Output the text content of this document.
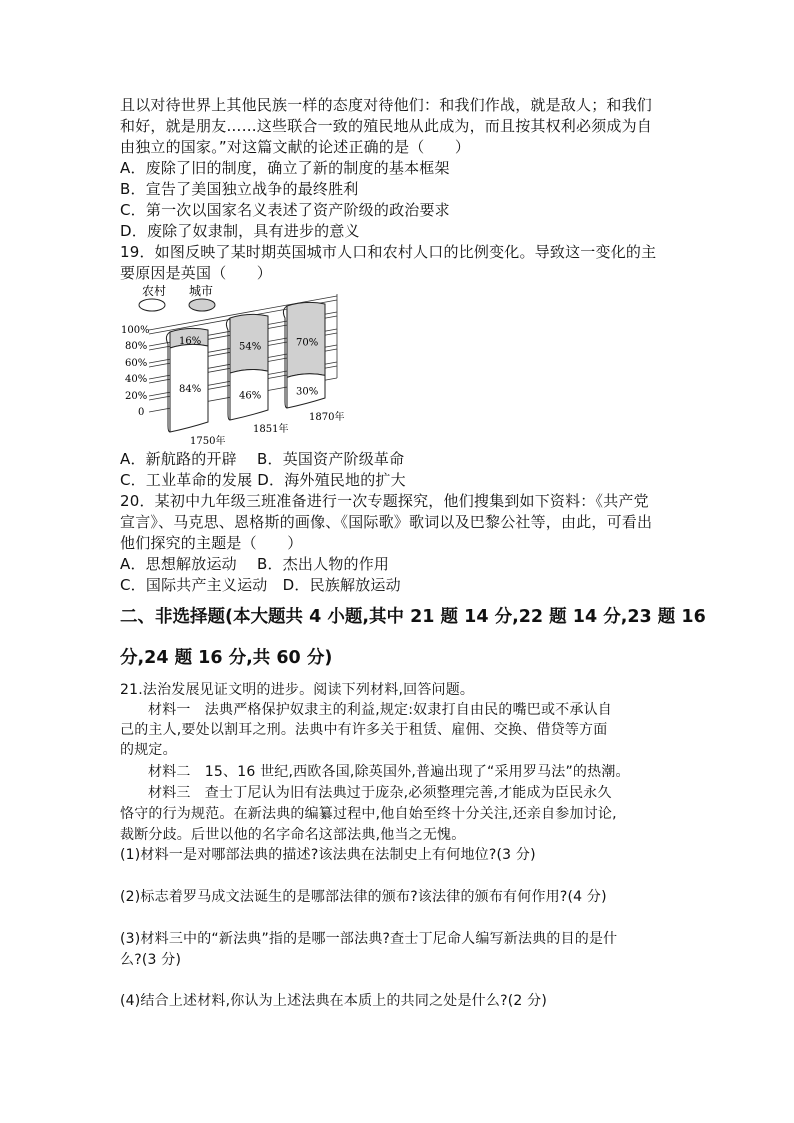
且以对待世界上其他民族一样的态度对待他们：和我们作战，就是敌人；和我们
和好，就是朋友……这些联合一致的殖民地从此成为，而且按其权利必须成为自
由独立的国家。”对这篇文献的论述正确的是（　　）
A．废除了旧的制度，确立了新的制度的基本框架
B．宣告了美国独立战争的最终胜利
C．第一次以国家名义表述了资产阶级的政治要求
D．废除了奴隶制，具有进步的意义
19．如图反映了某时期英国城市人口和农村人口的比例变化。导致这一变化的主
要原因是英国（　　）
农村 城市
100%
80%
60%
40%
20%
0
16%
84%
54%
46%
70%
30%
1750年
1851年
1870年
A．新航路的开辟　 B．英国资产阶级革命
C．工业革命的发展 D．海外殖民地的扩大
20．某初中九年级三班准备进行一次专题探究，他们搜集到如下资料：《共产党
宣言》、马克思、恩格斯的画像、《国际歌》歌词以及巴黎公社等，由此，可看出
他们探究的主题是（　　）
A．思想解放运动　 B．杰出人物的作用
C．国际共产主义运动　D．民族解放运动
二、非选择题(本大题共 4 小题,其中 21 题 14 分,22 题 14 分,23 题 16
分,24 题 16 分,共 60 分)
21.法治发展见证文明的进步。阅读下列材料,回答问题。
材料一　法典严格保护奴隶主的利益,规定:奴隶打自由民的嘴巴或不承认自
己的主人,要处以割耳之刑。法典中有许多关于租赁、雇佣、交换、借贷等方面
的规定。
材料二　15、16 世纪,西欧各国,除英国外,普遍出现了“采用罗马法”的热潮。
材料三　查士丁尼认为旧有法典过于庞杂,必须整理完善,才能成为臣民永久
恪守的行为规范。在新法典的编纂过程中,他自始至终十分关注,还亲自参加讨论,
裁断分歧。后世以他的名字命名这部法典,他当之无愧。
(1)材料一是对哪部法典的描述?该法典在法制史上有何地位?(3 分)
(2)标志着罗马成文法诞生的是哪部法律的颁布?该法律的颁布有何作用?(4 分)
(3)材料三中的“新法典”指的是哪一部法典?查士丁尼命人编写新法典的目的是什
么?(3 分)
(4)结合上述材料,你认为上述法典在本质上的共同之处是什么?(2 分)
